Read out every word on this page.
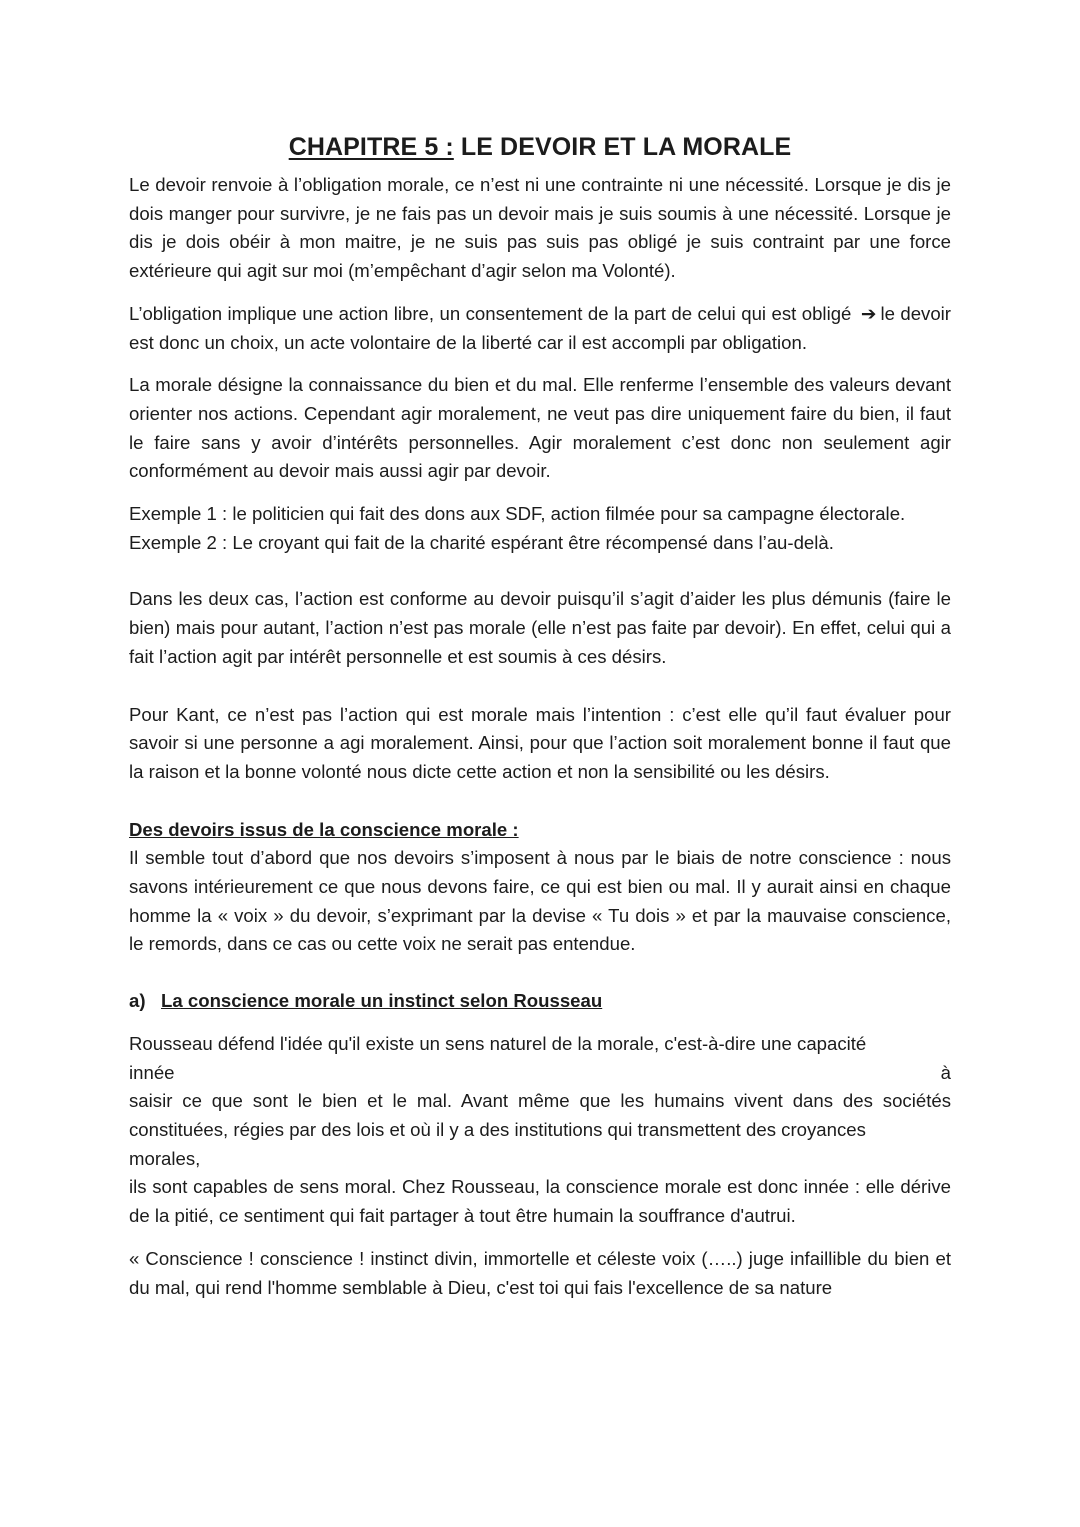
CHAPITRE 5 : LE DEVOIR ET LA MORALE

Le devoir renvoie à l’obligation morale, ce n’est ni une contrainte ni une nécessité. Lorsque je dis je dois manger pour survivre, je ne fais pas un devoir mais je suis soumis à une nécessité. Lorsque je dis je dois obéir à mon maitre, je ne suis pas suis pas obligé je suis contraint par une force extérieure qui agit sur moi (m’empêchant d’agir selon ma Volonté).

L’obligation implique une action libre, un consentement de la part de celui qui est obligé ➔ le devoir est donc un choix, un acte volontaire de la liberté car il est accompli par obligation.

La morale désigne la connaissance du bien et du mal. Elle renferme l’ensemble des valeurs devant orienter nos actions. Cependant agir moralement, ne veut pas dire uniquement faire du bien, il faut le faire sans y avoir d’intérêts personnelles. Agir moralement c’est donc non seulement agir conformément au devoir mais aussi agir par devoir.

Exemple 1 : le politicien qui fait des dons aux SDF, action filmée pour sa campagne électorale.

Exemple 2 : Le croyant qui fait de la charité espérant être récompensé dans l’au-delà.

Dans les deux cas, l’action est conforme au devoir puisqu’il s’agit d’aider les plus démunis (faire le bien) mais pour autant, l’action n’est pas morale (elle n’est pas faite par devoir). En effet, celui qui a fait l’action agit par intérêt personnelle et est soumis à ces désirs.

Pour Kant, ce n’est pas l’action qui est morale mais l’intention : c’est elle qu’il faut évaluer pour savoir si une personne a agi moralement. Ainsi, pour que l’action soit moralement bonne il faut que la raison et la bonne volonté nous dicte cette action et non la sensibilité ou les désirs.

Des devoirs issus de la conscience morale :

Il semble tout d’abord que nos devoirs s’imposent à nous par le biais de notre conscience : nous savons intérieurement ce que nous devons faire, ce qui est bien ou mal. Il y aurait ainsi en chaque homme la « voix » du devoir, s’exprimant par la devise « Tu dois » et par la mauvaise conscience, le remords, dans ce cas ou cette voix ne serait pas entendue.

a) La conscience morale un instinct selon Rousseau

Rousseau défend l'idée qu'il existe un sens naturel de la morale, c'est-à-dire une capacité

innée	à

saisir ce que sont le bien et le mal. Avant même que les humains vivent dans des sociétés constituées, régies par des lois et où il y a des institutions qui transmettent des croyances

morales,

ils sont capables de sens moral. Chez Rousseau, la conscience morale est donc innée : elle dérive de la pitié, ce sentiment qui fait partager à tout être humain la souffrance d'autrui.

« Conscience ! conscience ! instinct divin, immortelle et céleste voix (…..) juge infaillible du bien et du mal, qui rend l'homme semblable à Dieu, c'est toi qui fais l'excellence de sa nature
